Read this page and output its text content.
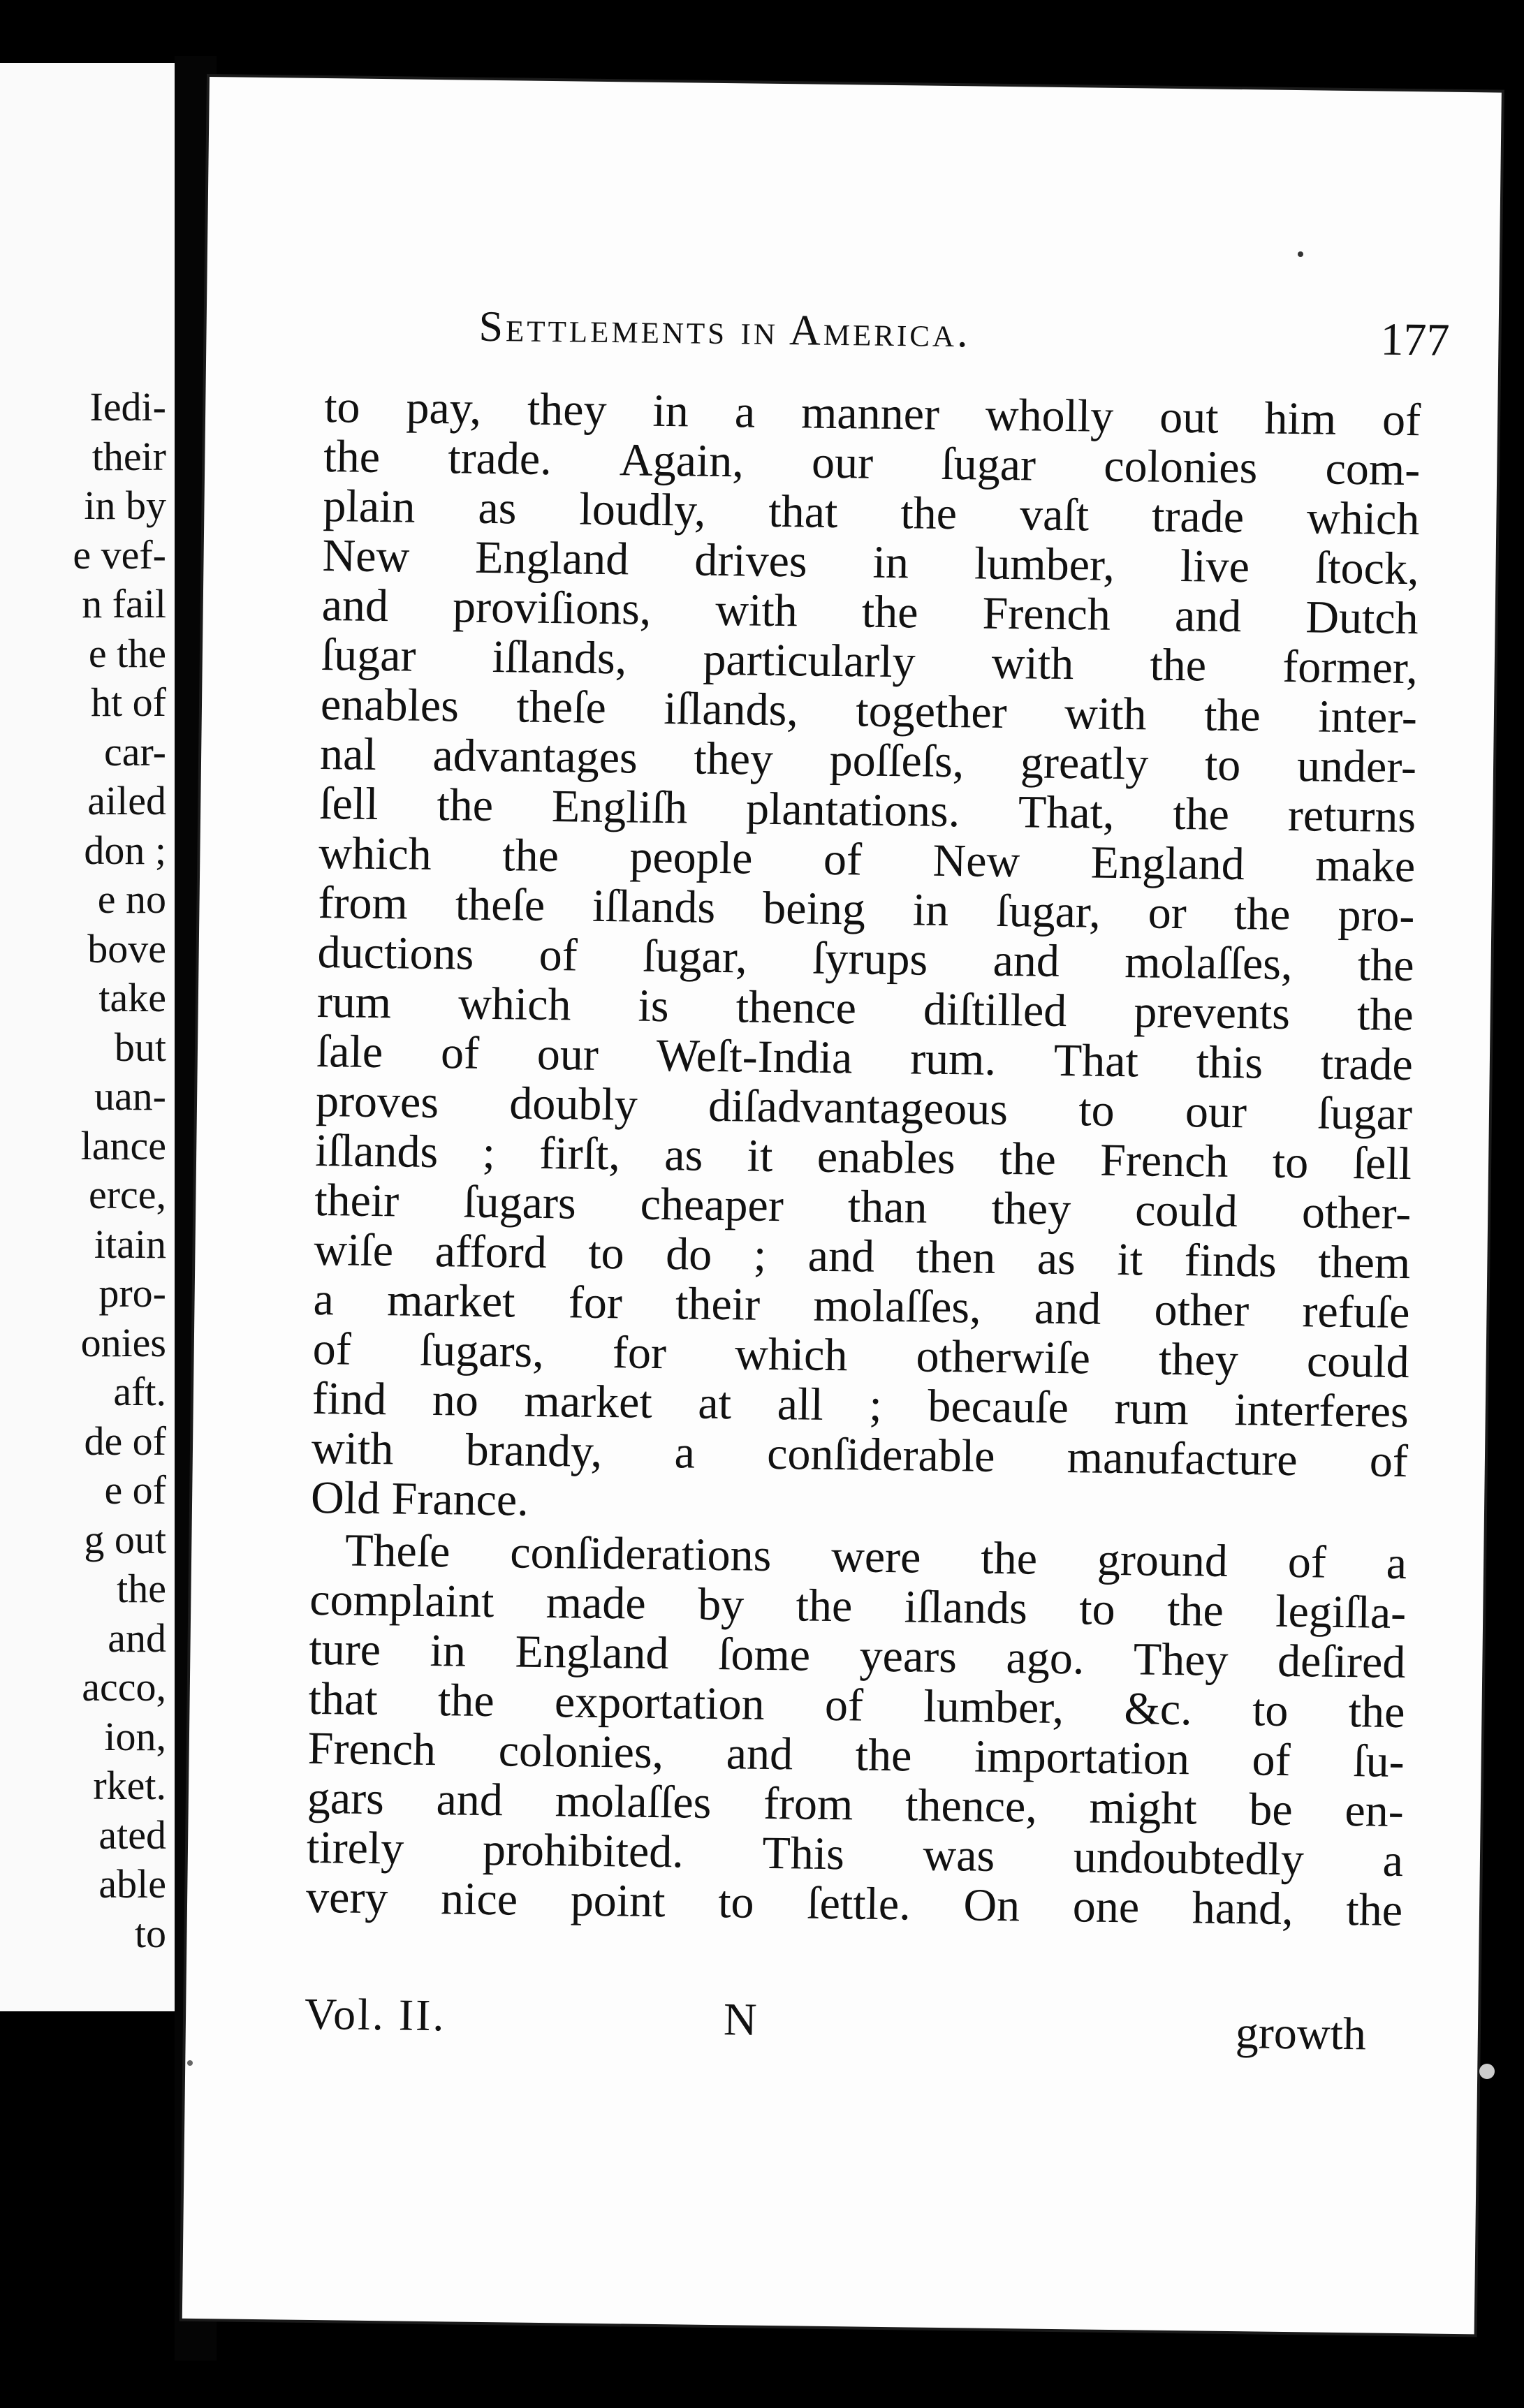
Iedi-
their
in by
e vef-
n fail
e the
ht of
car-
ailed
don ;
e no
bove
take
but
uan-
lance
erce,
itain
pro-
onies
aft.
de of
e of
g out
the
and
acco,
ion,
rket.
ated
able
to
Settlements in America.	177
to pay, they in a manner wholly out him of
the trade. Again, our ſugar colonies com-
plain as loudly, that the vaſt trade which
New England drives in lumber, live ſtock,
and proviſions, with the French and Dutch
ſugar iſlands, particularly with the former,
enables theſe iſlands, together with the inter-
nal advantages they poſſeſs, greatly to under-
ſell the Engliſh plantations. That, the returns
which the people of New England make
from theſe iſlands being in ſugar, or the pro-
ductions of ſugar, ſyrups and molaſſes, the
rum which is thence diſtilled prevents the
ſale of our Weſt-India rum. That this trade
proves doubly diſadvantageous to our ſugar
iſlands ; firſt, as it enables the French to ſell
their ſugars cheaper than they could other-
wiſe afford to do ; and then as it finds them
a market for their molaſſes, and other refuſe
of ſugars, for which otherwiſe they could
find no market at all ; becauſe rum interferes
with brandy, a conſiderable manufacture of
Old France.
Theſe conſiderations were the ground of a
complaint made by the iſlands to the legiſla-
ture in England ſome years ago. They deſired
that the exportation of lumber, &c. to the
French colonies, and the importation of ſu-
gars and molaſſes from thence, might be en-
tirely prohibited. This was undoubtedly a
very nice point to ſettle. On one hand, the
Vol. II.	N	growth
